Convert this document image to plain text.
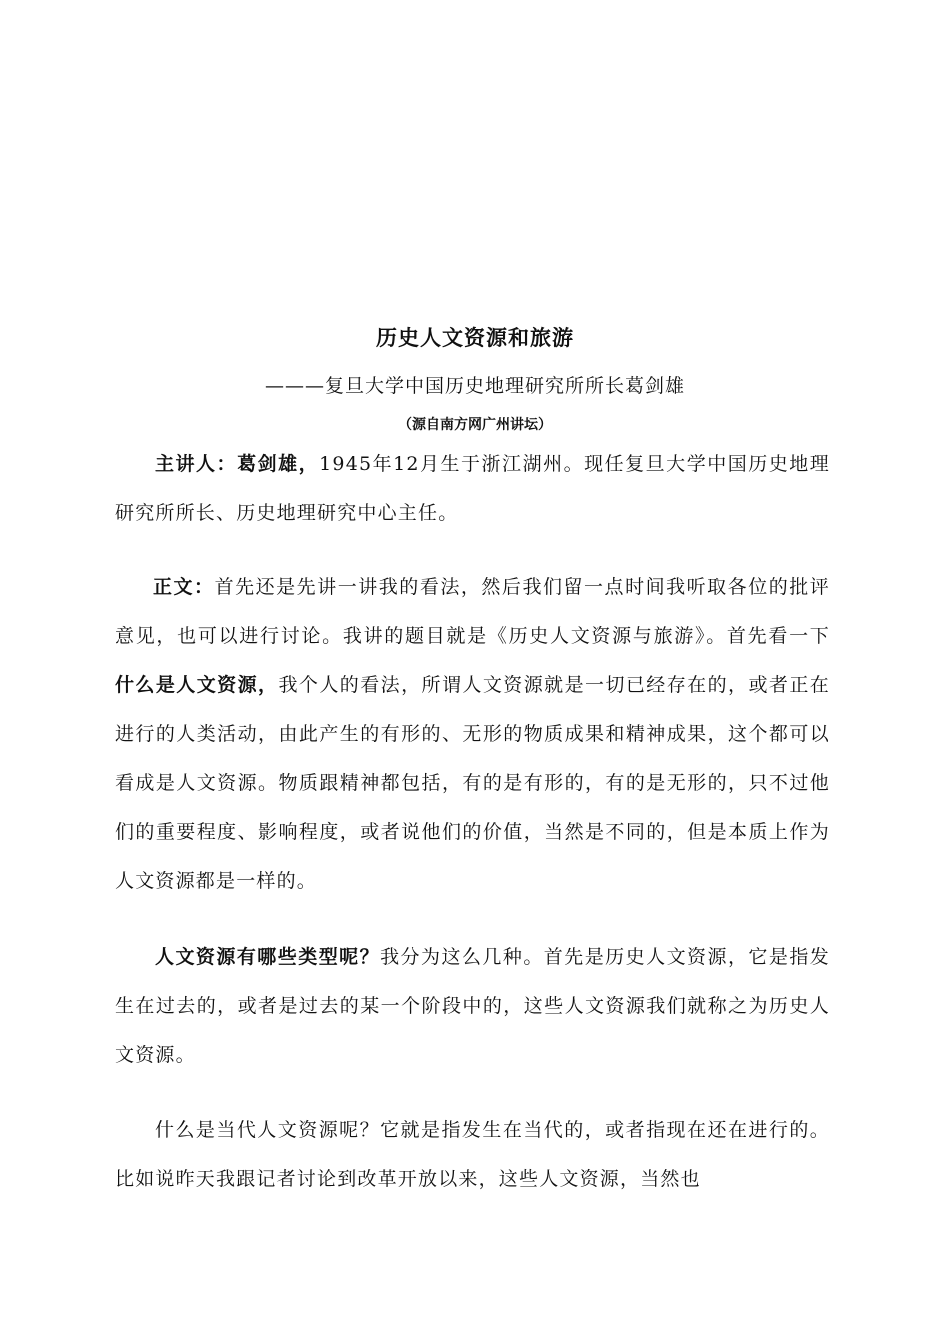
历史人文资源和旅游
———复旦大学中国历史地理研究所所长葛剑雄
（源自南方网广州讲坛）
主讲人：葛剑雄，1945年12月生于浙江湖州。现任复旦大学中国历史地理研究所所长、历史地理研究中心主任。
正文：首先还是先讲一讲我的看法，然后我们留一点时间我听取各位的批评意见，也可以进行讨论。我讲的题目就是《历史人文资源与旅游》。首先看一下什么是人文资源，我个人的看法，所谓人文资源就是一切已经存在的，或者正在进行的人类活动，由此产生的有形的、无形的物质成果和精神成果，这个都可以看成是人文资源。物质跟精神都包括，有的是有形的，有的是无形的，只不过他们的重要程度、影响程度，或者说他们的价值，当然是不同的，但是本质上作为人文资源都是一样的。
人文资源有哪些类型呢？我分为这么几种。首先是历史人文资源，它是指发生在过去的，或者是过去的某一个阶段中的，这些人文资源我们就称之为历史人文资源。
什么是当代人文资源呢？它就是指发生在当代的，或者指现在还在进行的。比如说昨天我跟记者讨论到改革开放以来，这些人文资源，当然也
